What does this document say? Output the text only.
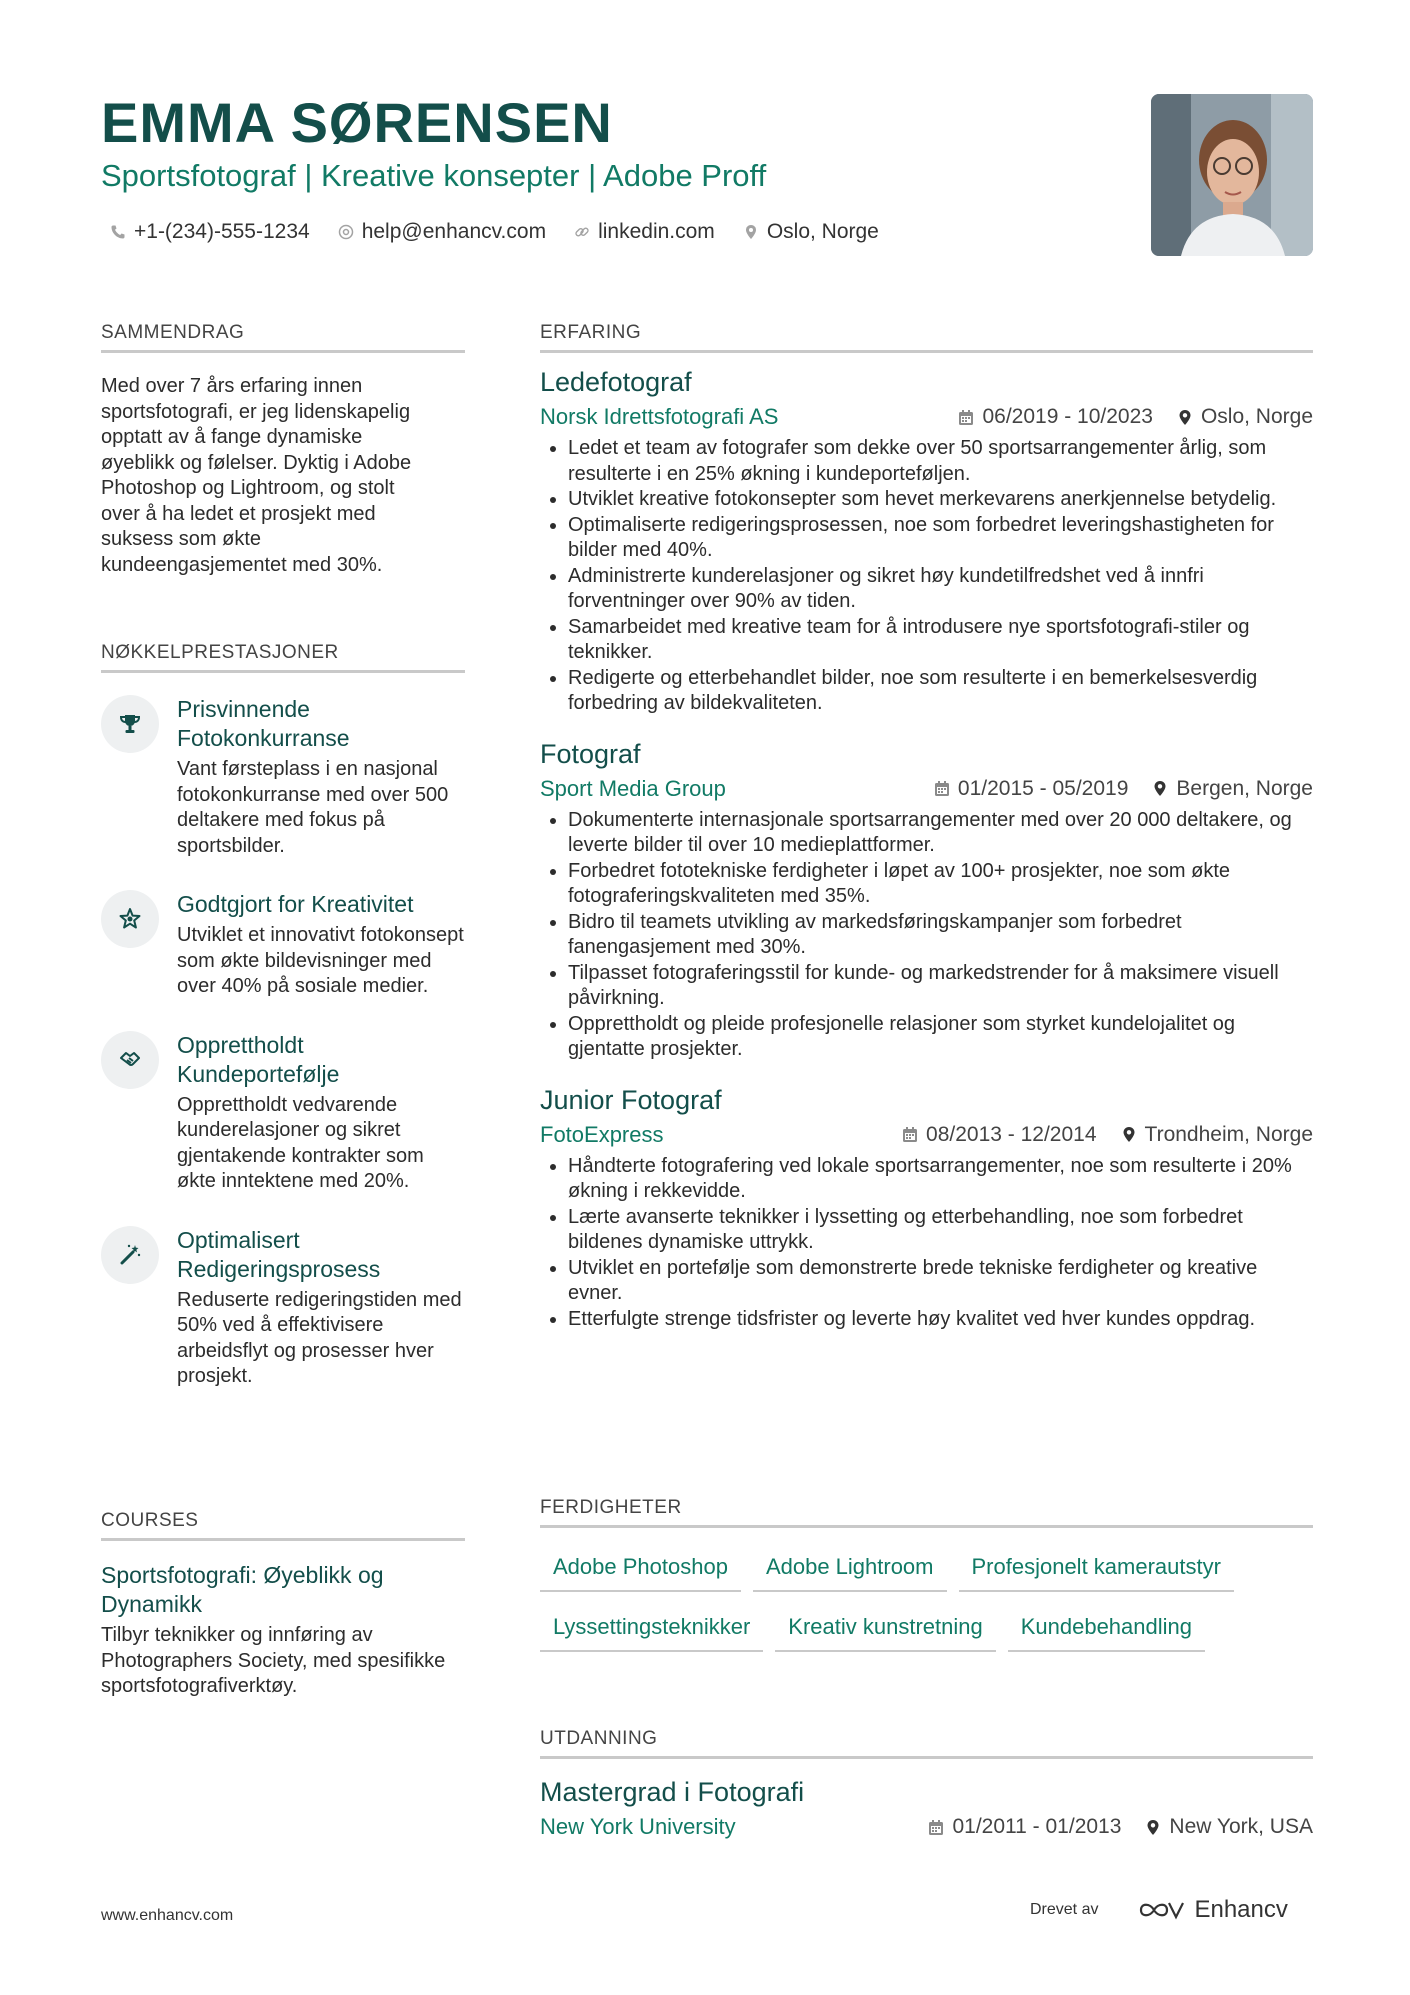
EMMA SØRENSEN
Sportsfotograf | Kreative konsepter | Adobe Proff
+1-(234)-555-1234 help@enhancv.com linkedin.com Oslo, Norge
SAMMENDRAG
Med over 7 års erfaring innen
sportsfotografi, er jeg lidenskapelig
opptatt av å fange dynamiske
øyeblikk og følelser. Dyktig i Adobe
Photoshop og Lightroom, og stolt
over å ha ledet et prosjekt med
suksess som økte
kundeengasjementet med 30%.
NØKKELPRESTASJONER
Prisvinnende Fotokonkurranse
Vant førsteplass i en nasjonal fotokonkurranse med over 500 deltakere med fokus på sportsbilder.
Godtgjort for Kreativitet
Utviklet et innovativt fotokonsept som økte bildevisninger med over 40% på sosiale medier.
Opprettholdt Kundeportefølje
Opprettholdt vedvarende kunderelasjoner og sikret gjentakende kontrakter som økte inntektene med 20%.
Optimalisert Redigeringsprosess
Reduserte redigeringstiden med 50% ved å effektivisere arbeidsflyt og prosesser hver prosjekt.
COURSES
Sportsfotografi: Øyeblikk og Dynamikk
Tilbyr teknikker og innføring av Photographers Society, med spesifikke sportsfotografiverktøy.
ERFARING
Ledefotograf
Norsk Idrettsfotografi AS	06/2019 - 10/2023 Oslo, Norge
• Ledet et team av fotografer som dekke over 50 sportsarrangementer årlig, som resulterte i en 25% økning i kundeporteføljen.
• Utviklet kreative fotokonsepter som hevet merkevarens anerkjennelse betydelig.
• Optimaliserte redigeringsprosessen, noe som forbedret leveringshastigheten for bilder med 40%.
• Administrerte kunderelasjoner og sikret høy kundetilfredshet ved å innfri forventninger over 90% av tiden.
• Samarbeidet med kreative team for å introdusere nye sportsfotografi-stiler og teknikker.
• Redigerte og etterbehandlet bilder, noe som resulterte i en bemerkelsesverdig forbedring av bildekvaliteten.
Fotograf
Sport Media Group	01/2015 - 05/2019 Bergen, Norge
• Dokumenterte internasjonale sportsarrangementer med over 20 000 deltakere, og leverte bilder til over 10 medieplattformer.
• Forbedret fototekniske ferdigheter i løpet av 100+ prosjekter, noe som økte fotograferingskvaliteten med 35%.
• Bidro til teamets utvikling av markedsføringskampanjer som forbedret fanengasjement med 30%.
• Tilpasset fotograferingsstil for kunde- og markedstrender for å maksimere visuell påvirkning.
• Opprettholdt og pleide profesjonelle relasjoner som styrket kundelojalitet og gjentatte prosjekter.
Junior Fotograf
FotoExpress	08/2013 - 12/2014 Trondheim, Norge
• Håndterte fotografering ved lokale sportsarrangementer, noe som resulterte i 20% økning i rekkevidde.
• Lærte avanserte teknikker i lyssetting og etterbehandling, noe som forbedret bildenes dynamiske uttrykk.
• Utviklet en portefølje som demonstrerte brede tekniske ferdigheter og kreative evner.
• Etterfulgte strenge tidsfrister og leverte høy kvalitet ved hver kundes oppdrag.
FERDIGHETER
Adobe Photoshop	Adobe Lightroom	Profesjonelt kamerautstyr
Lyssettingsteknikker	Kreativ kunstretning	Kundebehandling
UTDANNING
Mastergrad i Fotografi
New York University	01/2011 - 01/2013 New York, USA
www.enhancv.com	Drevet av	Enhancv
